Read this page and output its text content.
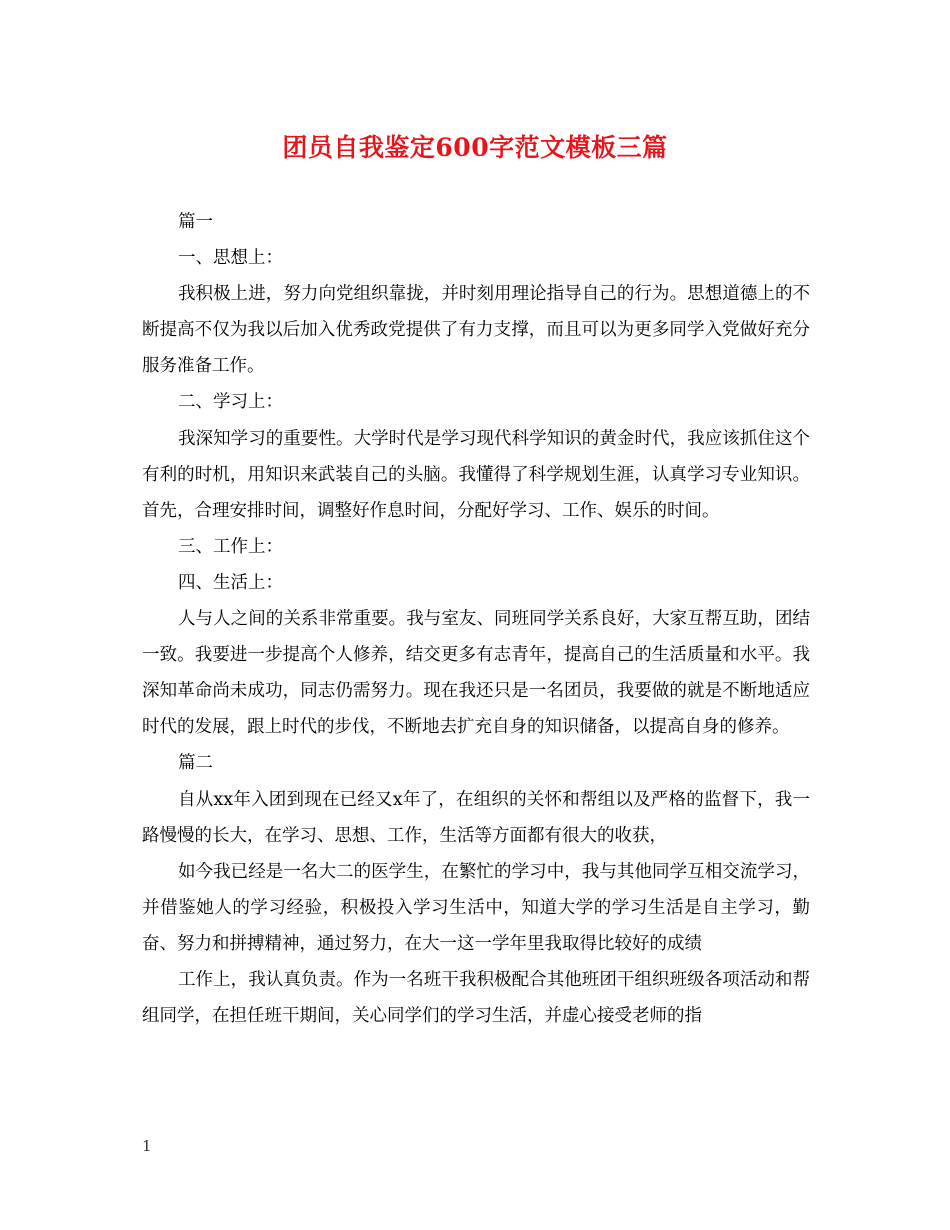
团员自我鉴定600字范文模板三篇

篇一

一、思想上：

我积极上进，努力向党组织靠拢，并时刻用理论指导自己的行为。思想道德上的不断提高不仅为我以后加入优秀政党提供了有力支撑，而且可以为更多同学入党做好充分服务准备工作。

二、学习上：

我深知学习的重要性。大学时代是学习现代科学知识的黄金时代，我应该抓住这个有利的时机，用知识来武装自己的头脑。我懂得了科学规划生涯，认真学习专业知识。首先，合理安排时间，调整好作息时间，分配好学习、工作、娱乐的时间。

三、工作上：

四、生活上：

人与人之间的关系非常重要。我与室友、同班同学关系良好，大家互帮互助，团结一致。我要进一步提高个人修养，结交更多有志青年，提高自己的生活质量和水平。我深知革命尚未成功，同志仍需努力。现在我还只是一名团员，我要做的就是不断地适应时代的发展，跟上时代的步伐，不断地去扩充自身的知识储备，以提高自身的修养。

篇二

自从xx年入团到现在已经又x年了，在组织的关怀和帮组以及严格的监督下，我一路慢慢的长大，在学习、思想、工作，生活等方面都有很大的收获，

如今我已经是一名大二的医学生，在繁忙的学习中，我与其他同学互相交流学习，并借鉴她人的学习经验，积极投入学习生活中，知道大学的学习生活是自主学习，勤奋、努力和拼搏精神，通过努力，在大一这一学年里我取得比较好的成绩

工作上，我认真负责。作为一名班干我积极配合其他班团干组织班级各项活动和帮组同学，在担任班干期间，关心同学们的学习生活，并虚心接受老师的指

1
